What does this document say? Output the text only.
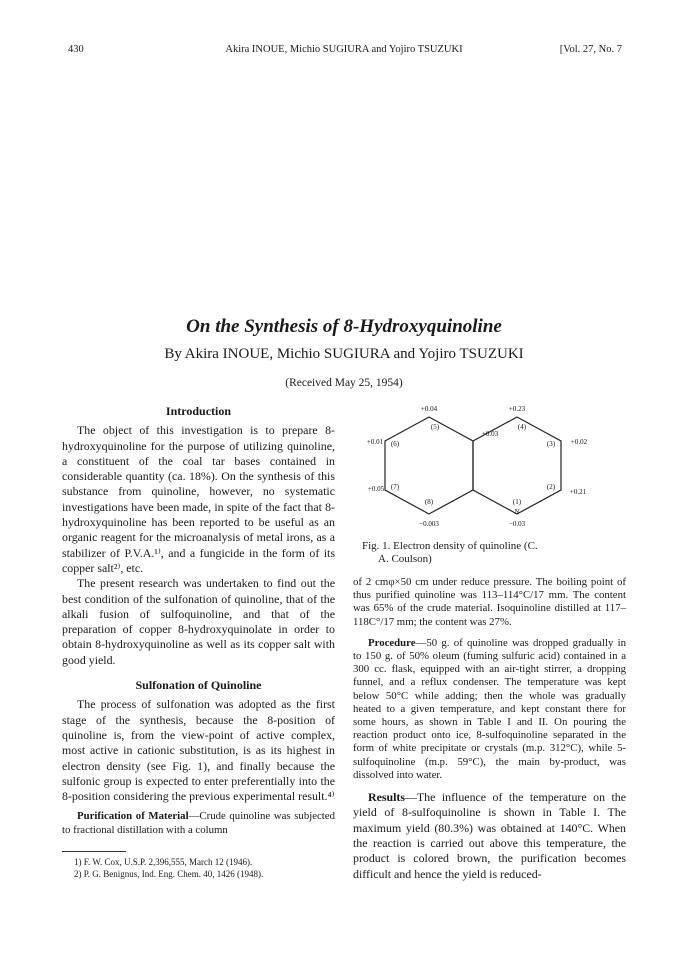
430	Akira INOUE, Michio SUGIURA and Yojiro TSUZUKI	[Vol. 27, No. 7
On the Synthesis of 8-Hydroxyquinoline
By Akira INOUE, Michio SUGIURA and Yojiro TSUZUKI
(Received May 25, 1954)
Introduction

The object of this investigation is to prepare 8-hydroxyquinoline for the purpose of utilizing quinoline, a constituent of the coal tar bases contained in considerable quantity (ca. 18%). On the synthesis of this substance from quinoline, however, no systematic investigations have been made, in spite of the fact that 8-hydroxyquinoline has been reported to be useful as an organic reagent for the microanalysis of metal irons, as a stabilizer of P.V.A.¹⁾, and a fungicide in the form of its copper salt²⁾, etc.

The present research was undertaken to find out the best condition of the sulfonation of quinoline, that of the alkali fusion of sulfoquinoline, and that of the preparation of copper 8-hydroxyquinolate in order to obtain 8-hydroxyquinoline as well as its copper salt with good yield.

Sulfonation of Quinoline

The process of sulfonation was adopted as the first stage of the synthesis, because the 8-position of quinoline is, from the view-point of active complex, most active in cationic substitution, is as its highest in electron density (see Fig. 1), and finally because the sulfonic group is expected to enter preferentially into the 8-position considering the previous experimental result.⁴⁾

Purification of Material—Crude quinoline was subjected to fractional distillation with a column

1) F. W. Cox, U.S.P. 2,396,555, March 12 (1946).

2) P. G. Benignus, Ind. Eng. Chem. 40, 1426 (1948).

+0.04	+0.23
+0.03
(5)	(4)
+0.01 (6)	(3) +0.02
+0.05 (7)	(2)
+0.21
(8)	(1)
N
−0.003	−0.03
Fig. 1. Electron density of quinoline (C.
A. Coulson)

of 2 cmφ×50 cm under reduce pressure. The boiling point of thus purified quinoline was 113–114°C/17 mm. The content was 65% of the crude material. Isoquinoline distilled at 117–118C°/17 mm; the content was 27%.

Procedure—50 g. of quinoline was dropped gradually in to 150 g. of 50% oleum (fuming sulfuric acid) contained in a 300 cc. flask, equipped with an air-tight stirrer, a dropping funnel, and a reflux condenser. The temperature was kept below 50°C while adding; then the whole was gradually heated to a given temperature, and kept constant there for some hours, as shown in Table I and II. On pouring the reaction product onto ice, 8-sulfoquinoline separated in the form of white precipitate or crystals (m.p. 312°C), while 5-sulfoquinoline (m.p. 59°C), the main by-product, was dissolved into water.

Results—The influence of the temperature on the yield of 8-sulfoquinoline is shown in Table I. The maximum yield (80.3%) was obtained at 140°C. When the reaction is carried out above this temperature, the product is colored brown, the purification becomes difficult and hence the yield is reduced-
